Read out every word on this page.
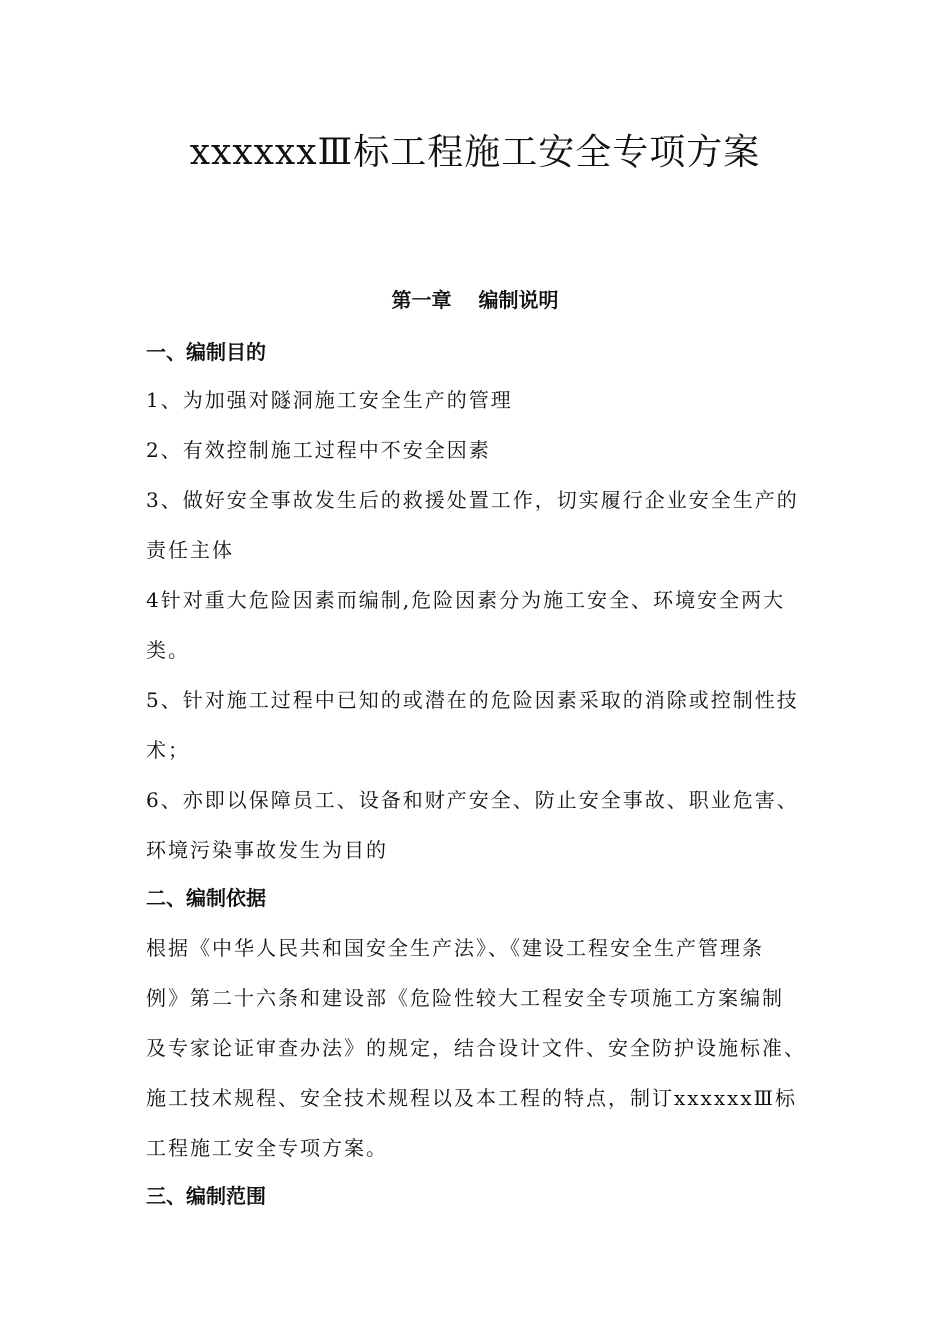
xxxxxxⅢ标工程施工安全专项方案
第一章　 编制说明
一、编制目的
1、为加强对隧洞施工安全生产的管理
2、有效控制施工过程中不安全因素
3、做好安全事故发生后的救援处置工作，切实履行企业安全生产的
责任主体
4针对重大危险因素而编制,危险因素分为施工安全、环境安全两大
类。
5、针对施工过程中已知的或潜在的危险因素采取的消除或控制性技
术；
6、亦即以保障员工、设备和财产安全、防止安全事故、职业危害、
环境污染事故发生为目的
二、编制依据
根据《中华人民共和国安全生产法》、《建设工程安全生产管理条
例》第二十六条和建设部《危险性较大工程安全专项施工方案编制
及专家论证审查办法》的规定，结合设计文件、安全防护设施标准、
施工技术规程、安全技术规程以及本工程的特点，制订xxxxxxⅢ标
工程施工安全专项方案。
三、编制范围
